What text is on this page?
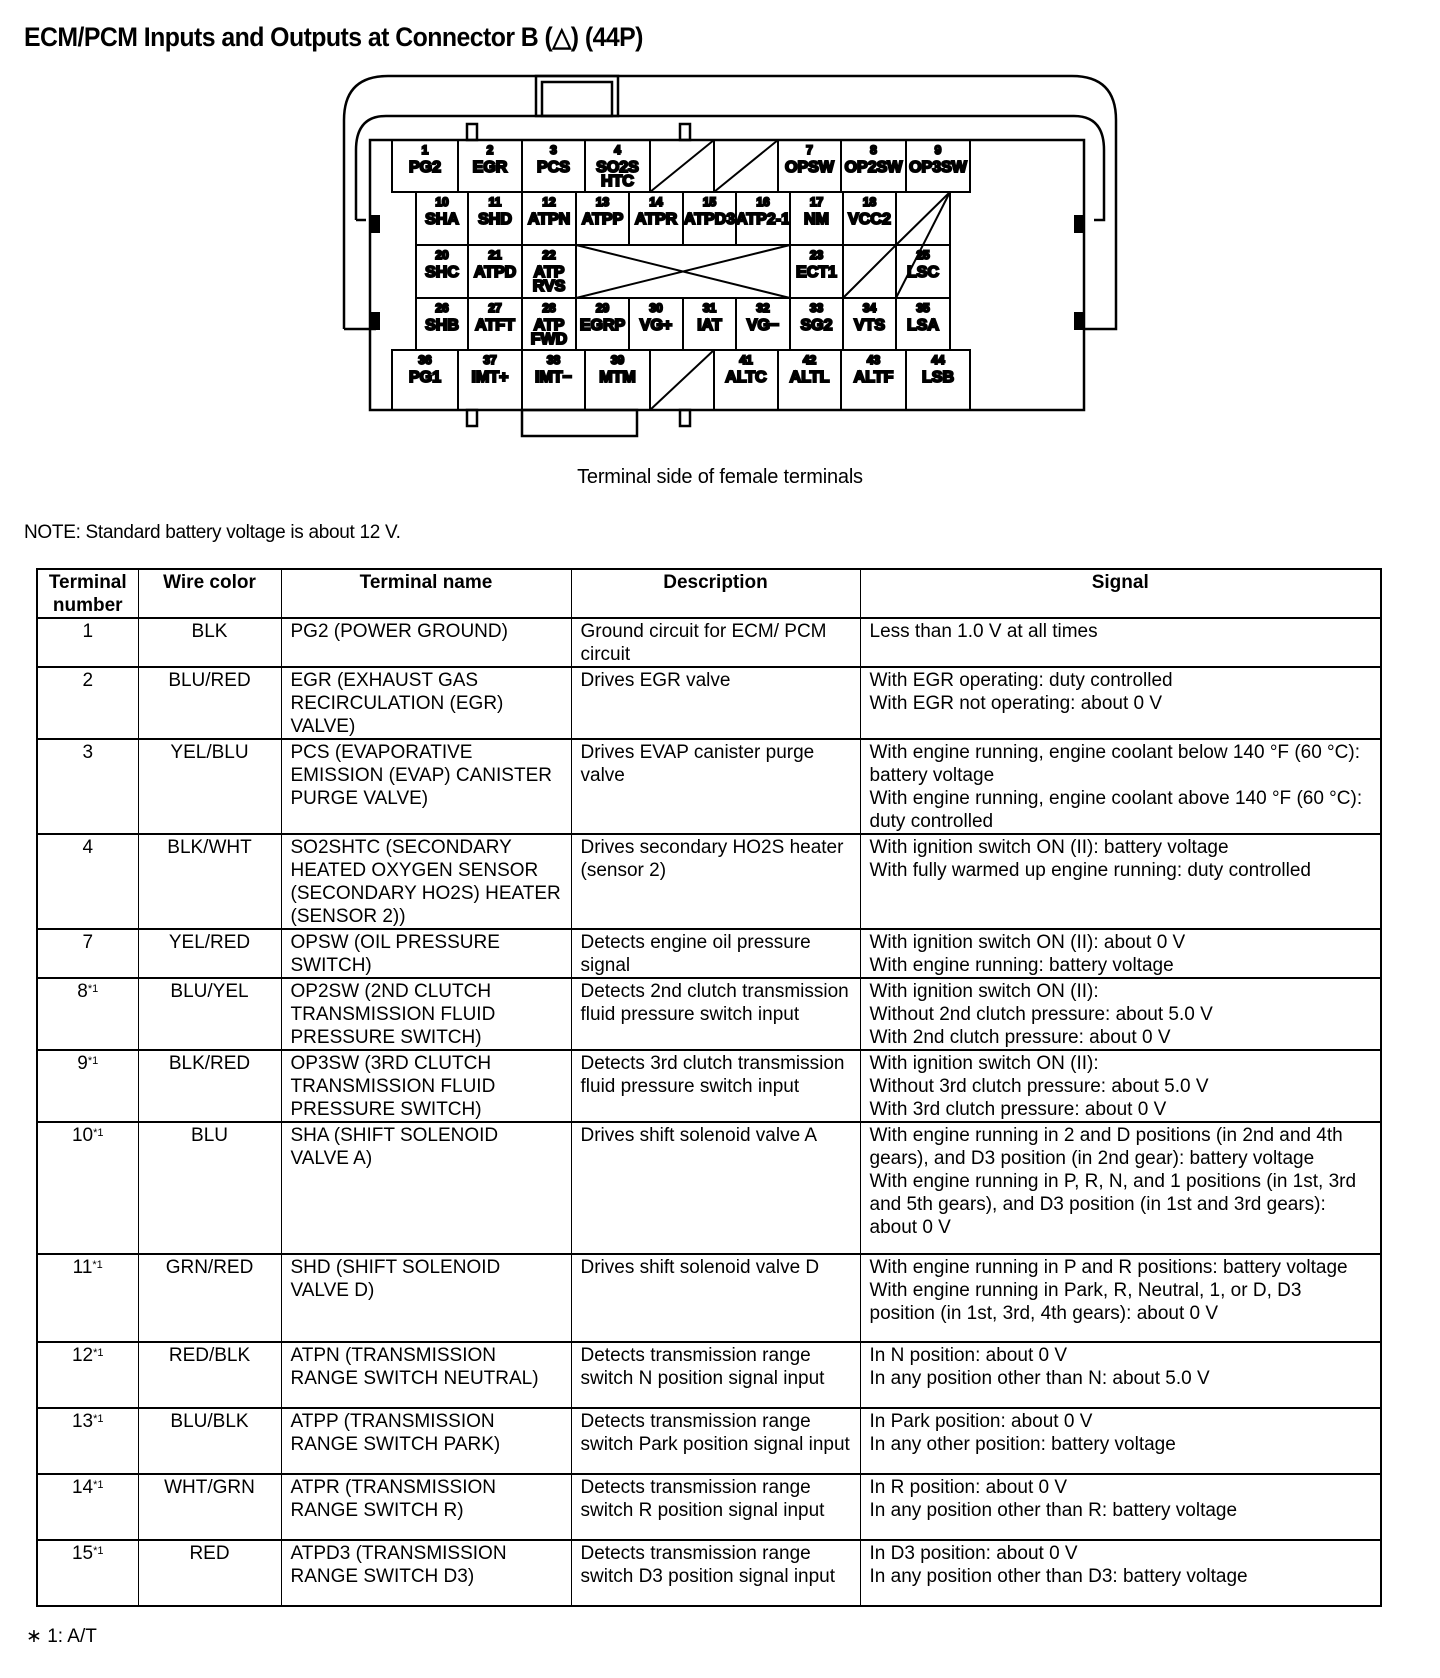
ECM/PCM Inputs and Outputs at Connector B (△) (44P)
1
PG2
2
EGR
3
PCS
4
SO2S
HTC
7
OPSW
8
OP2SW
9
OP3SW
10
SHA
11
SHD
12
ATPN
13
ATPP
14
ATPR
15
ATPD3
16
ATP2-1
17
NM
18
VCC2
20
SHC
21
ATPD
22
ATP
RVS
23
ECT1
25
LSC
26
SHB
27
ATFT
28
ATP
FWD
29
EGRP
30
VG+
31
IAT
32
VG−
33
SG2
34
VTS
35
LSA
36
PG1
37
IMT+
38
IMT−
39
MTM
41
ALTC
42
ALTL
43
ALTF
44
LSB
Terminal side of female terminals
NOTE: Standard battery voltage is about 12 V.
Terminal number	Wire color	Terminal name	Description	Signal
1	BLK	PG2 (POWER GROUND)	Ground circuit for ECM/ PCM circuit	Less than 1.0 V at all times

2	BLU/RED	EGR (EXHAUST GAS RECIRCULATION (EGR) VALVE)	Drives EGR valve	With EGR operating: duty controlled
With EGR not operating: about 0 V

3	YEL/BLU	PCS (EVAPORATIVE EMISSION (EVAP) CANISTER PURGE VALVE)	Drives EVAP canister purge valve	With engine running, engine coolant below 140 °F (60 °C): battery voltage
With engine running, engine coolant above 140 °F (60 °C): duty controlled

4	BLK/WHT	SO2SHTC (SECONDARY HEATED OXYGEN SENSOR (SECONDARY HO2S) HEATER (SENSOR 2))	Drives secondary HO2S heater (sensor 2)	With ignition switch ON (II): battery voltage
With fully warmed up engine running: duty controlled

7	YEL/RED	OPSW (OIL PRESSURE SWITCH)	Detects engine oil pressure signal	With ignition switch ON (II): about 0 V
With engine running: battery voltage

8$^{*1}$	BLU/YEL	OP2SW (2ND CLUTCH TRANSMISSION FLUID PRESSURE SWITCH)	Detects 2nd clutch transmission fluid pressure switch input	With ignition switch ON (II):
Without 2nd clutch pressure: about 5.0 V
With 2nd clutch pressure: about 0 V

9$^{*1}$	BLK/RED	OP3SW (3RD CLUTCH TRANSMISSION FLUID PRESSURE SWITCH)	Detects 3rd clutch transmission fluid pressure switch input	With ignition switch ON (II):
Without 3rd clutch pressure: about 5.0 V
With 3rd clutch pressure: about 0 V

10$^{*1}$	BLU	SHA (SHIFT SOLENOID VALVE A)	Drives shift solenoid valve A	With engine running in 2 and D positions (in 2nd and 4th gears), and D3 position (in 2nd gear): battery voltage
With engine running in P, R, N, and 1 positions (in 1st, 3rd and 5th gears), and D3 position (in 1st and 3rd gears): about 0 V

11$^{*1}$	GRN/RED	SHD (SHIFT SOLENOID VALVE D)	Drives shift solenoid valve D	With engine running in P and R positions: battery voltage
With engine running in Park, R, Neutral, 1, or D, D3 position (in 1st, 3rd, 4th gears): about 0 V

12$^{*1}$	RED/BLK	ATPN (TRANSMISSION RANGE SWITCH NEUTRAL)	Detects transmission range switch N position signal input	In N position: about 0 V
In any position other than N: about 5.0 V

13$^{*1}$	BLU/BLK	ATPP (TRANSMISSION RANGE SWITCH PARK)	Detects transmission range switch Park position signal input	In Park position: about 0 V
In any other position: battery voltage

14$^{*1}$	WHT/GRN	ATPR (TRANSMISSION RANGE SWITCH R)	Detects transmission range switch R position signal input	In R position: about 0 V
In any position other than R: battery voltage

15$^{*1}$	RED	ATPD3 (TRANSMISSION RANGE SWITCH D3)	Detects transmission range switch D3 position signal input	In D3 position: about 0 V
In any position other than D3: battery voltage
∗ 1: A/T
